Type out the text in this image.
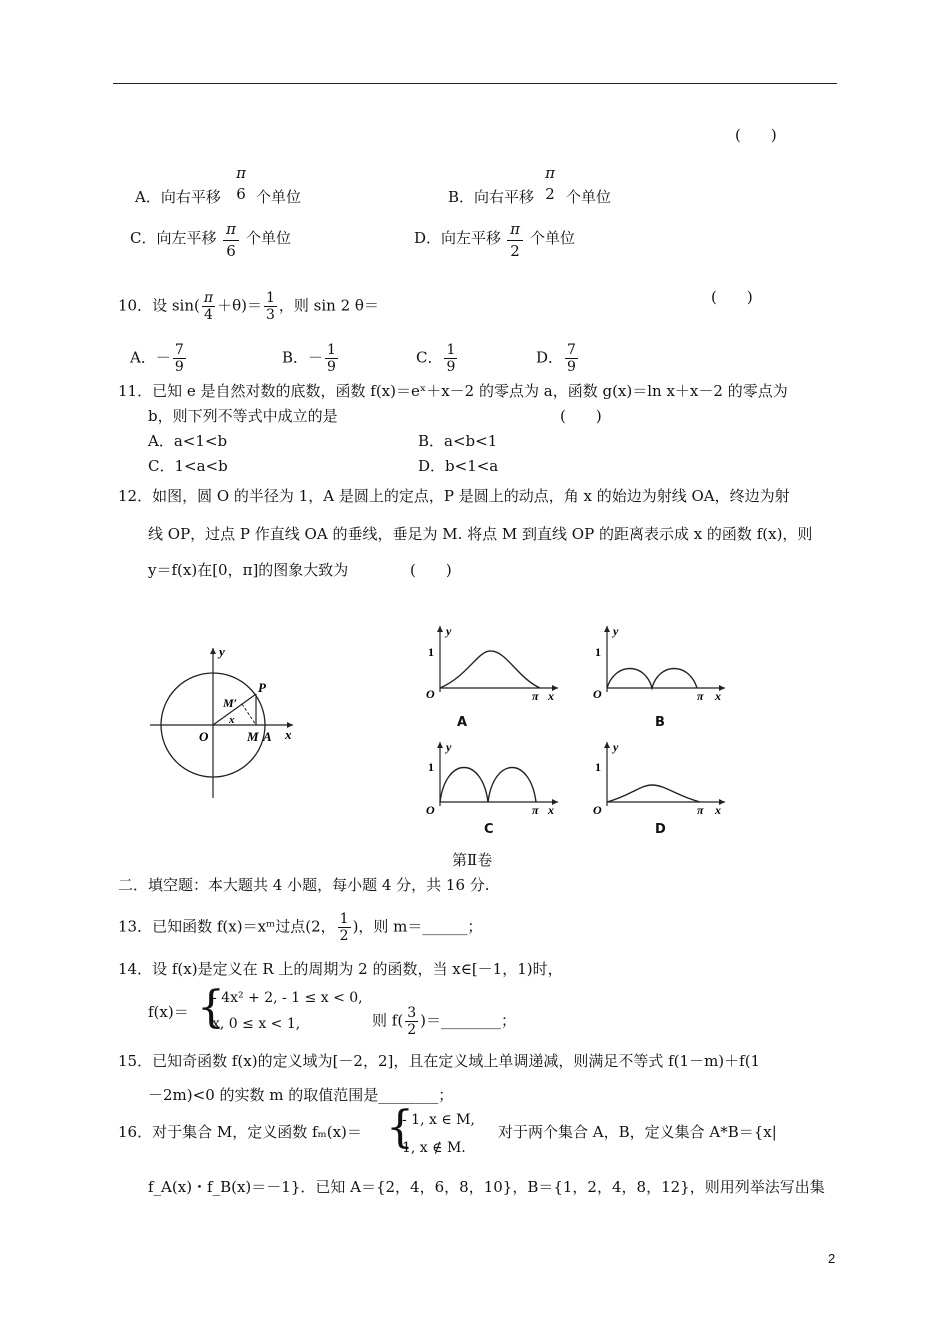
(　　)
A．向右平移
π
6 个单位	B．向右平移
π
2 个单位
C．向左平移 π
6
个单位	D．向左平移 π
2
个单位
10．设 $\sin( \frac{\pi}{4} +\theta)= \frac{1}{3}$ ，则 sin 2 θ＝	(　　)
A．－ $\frac{7}{9}$	B．－ $\frac{1}{9}$	C． $\frac{1}{9}$	D． $\frac{7}{9}$
11．已知 e 是自然对数的底数，函数 f(x)＝eˣ＋x－2 的零点为 a，函数 g(x)＝ln x＋x－2 的零点为
b，则下列不等式中成立的是	(　　)
A．a<1<b	B．a<b<1
C．1<a<b	D．b<1<a
12．如图，圆 O 的半径为 1，A 是圆上的定点，P 是圆上的动点，角 x 的始边为射线 OA，终边为射
线 OP，过点 P 作直线 OA 的垂线，垂足为 M. 将点 M 到直线 OP 的距离表示成 x 的函数 f(x)，则
y＝f(x)在[0，π]的图象大致为	(　　)
y
x
O
P
M′
x
M A
y
1
O	π x
A
y
1
O	π x
B
y
1
O	π x
C
y
1
O	π x
D
第Ⅱ卷
二．填空题：本大题共 4 小题，每小题 4 分，共 16 分.
13．已知函数 f(x)＝xᵐ过点(2， $\frac{1}{2}$ )，则 m＝______；
14．设 f(x)是定义在 R 上的周期为 2 的函数，当 x∈[－1，1)时，
f(x)＝ {
- 4x² + 2, - 1 ≤ x < 0,
x, 0 ≤ x < 1,	则 $f( \frac{3}{2}$ )＝________；
15．已知奇函数 f(x)的定义域为[－2，2]，且在定义域上单调递减，则满足不等式 f(1－m)＋f(1
－2m)<0 的实数 m 的取值范围是________；
16．对于集合 M，定义函数 fₘ(x)＝ {
- 1, x ∈ M,
1, x ∉ M.
对于两个集合 A，B，定义集合 A*B＝{x|
f_A(x)・f_B(x)＝－1}．已知 A＝{2，4，6，8，10}，B＝{1，2，4，8，12}，则用列举法写出集
2
